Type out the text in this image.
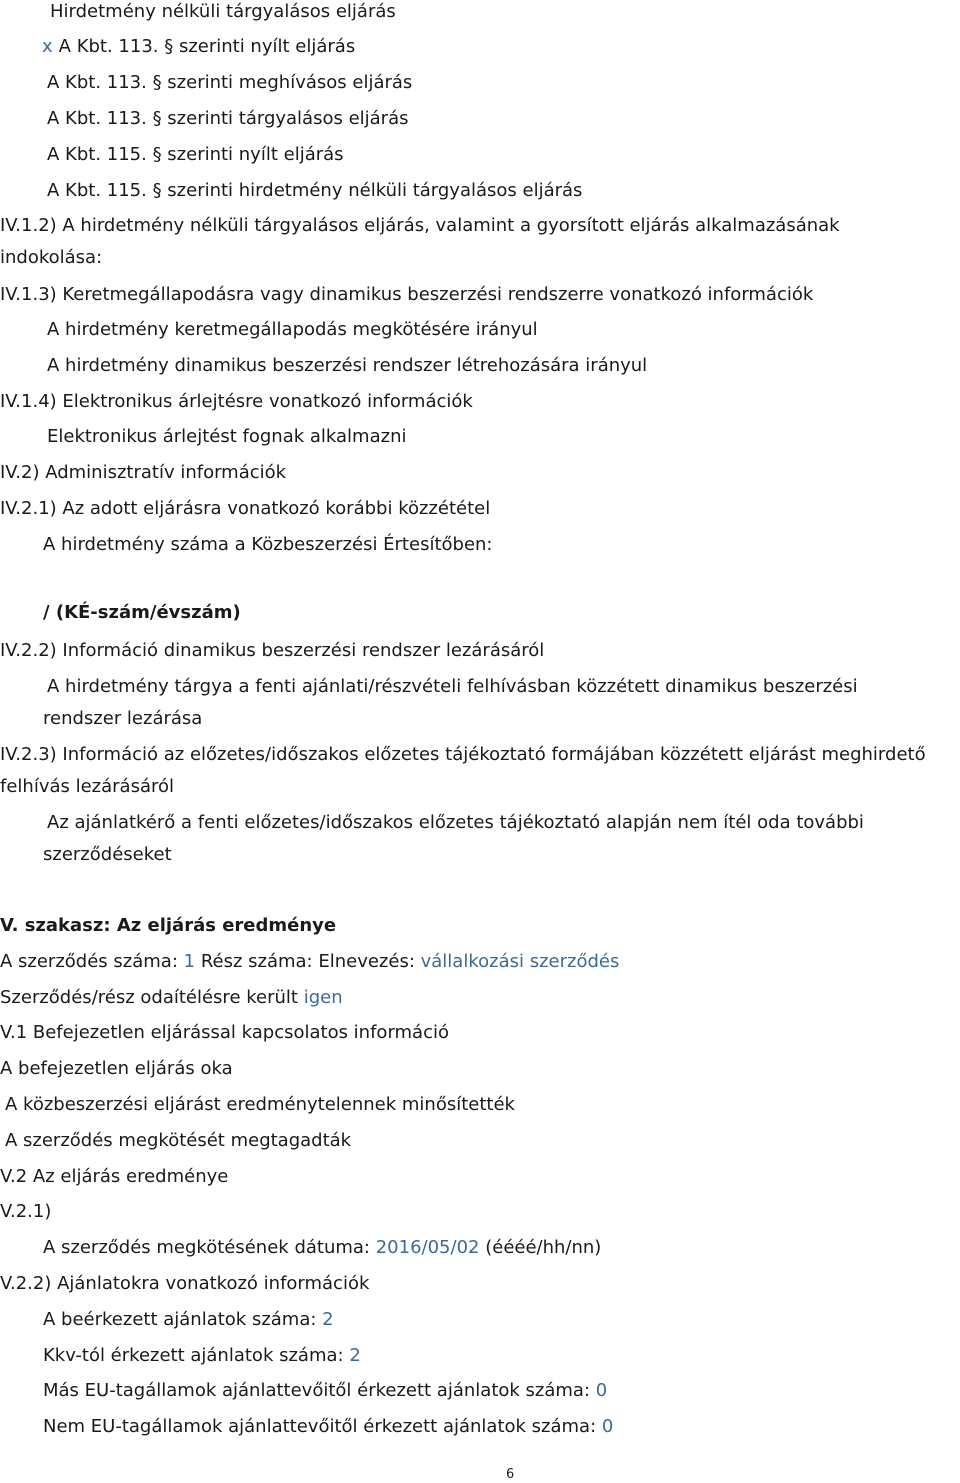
Hirdetmény nélküli tárgyalásos eljárás
x A Kbt. 113. § szerinti nyílt eljárás
A Kbt. 113. § szerinti meghívásos eljárás
A Kbt. 113. § szerinti tárgyalásos eljárás
A Kbt. 115. § szerinti nyílt eljárás
A Kbt. 115. § szerinti hirdetmény nélküli tárgyalásos eljárás
IV.1.2) A hirdetmény nélküli tárgyalásos eljárás, valamint a gyorsított eljárás alkalmazásának
indokolása:
IV.1.3) Keretmegállapodásra vagy dinamikus beszerzési rendszerre vonatkozó információk
A hirdetmény keretmegállapodás megkötésére irányul
A hirdetmény dinamikus beszerzési rendszer létrehozására irányul
IV.1.4) Elektronikus árlejtésre vonatkozó információk
Elektronikus árlejtést fognak alkalmazni
IV.2) Adminisztratív információk
IV.2.1) Az adott eljárásra vonatkozó korábbi közzététel
A hirdetmény száma a Közbeszerzési Értesítőben:
/ (KÉ-szám/évszám)
IV.2.2) Információ dinamikus beszerzési rendszer lezárásáról
A hirdetmény tárgya a fenti ajánlati/részvételi felhívásban közzétett dinamikus beszerzési
rendszer lezárása
IV.2.3) Információ az előzetes/időszakos előzetes tájékoztató formájában közzétett eljárást meghirdető
felhívás lezárásáról
Az ajánlatkérő a fenti előzetes/időszakos előzetes tájékoztató alapján nem ítél oda további
szerződéseket
V. szakasz: Az eljárás eredménye
A szerződés száma: 1 Rész száma: Elnevezés: vállalkozási szerződés
Szerződés/rész odaítélésre került igen
V.1 Befejezetlen eljárással kapcsolatos információ
A befejezetlen eljárás oka
A közbeszerzési eljárást eredménytelennek minősítették
A szerződés megkötését megtagadták
V.2 Az eljárás eredménye
V.2.1)
A szerződés megkötésének dátuma: 2016/05/02 (éééé/hh/nn)
V.2.2) Ajánlatokra vonatkozó információk
A beérkezett ajánlatok száma: 2
Kkv-tól érkezett ajánlatok száma: 2
Más EU-tagállamok ajánlattevőitől érkezett ajánlatok száma: 0
Nem EU-tagállamok ajánlattevőitől érkezett ajánlatok száma: 0
6
